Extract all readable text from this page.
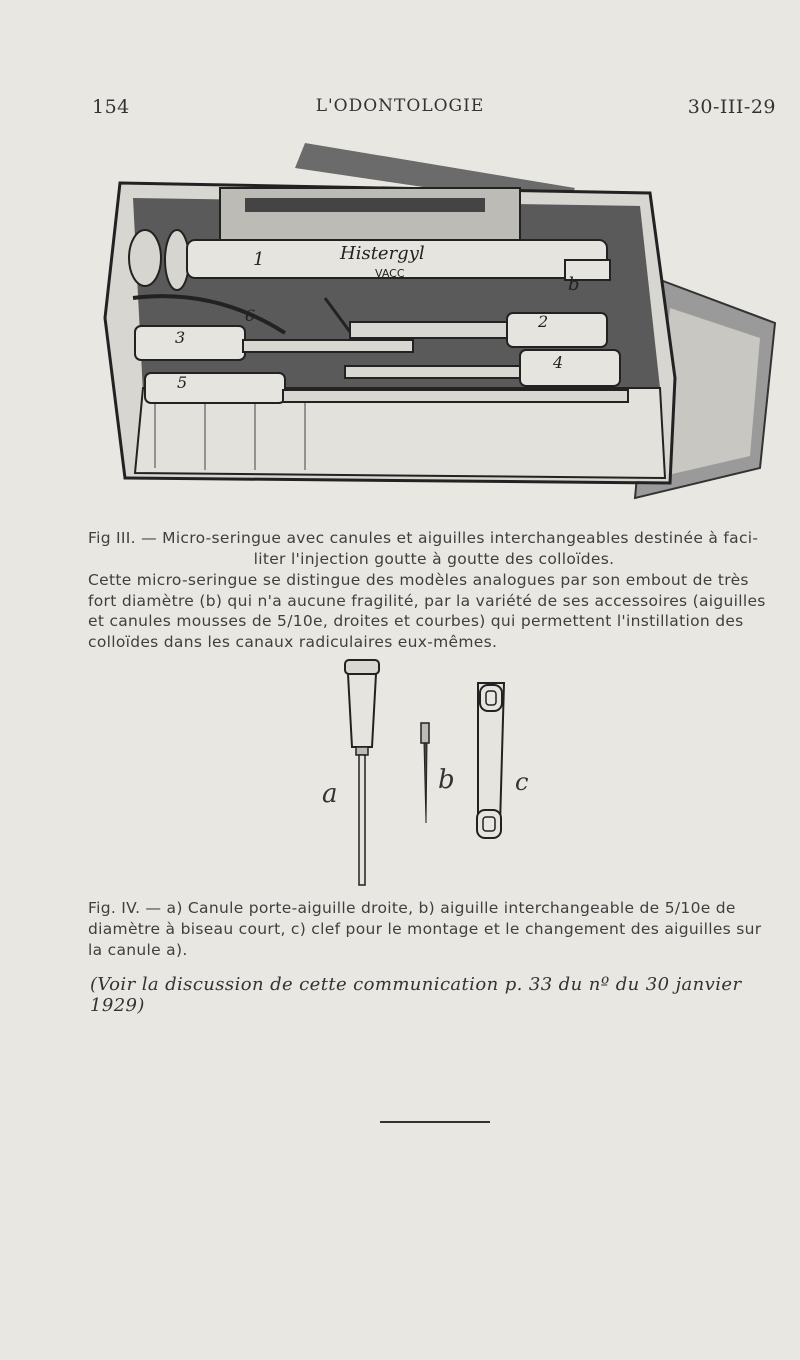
154	L'ODONTOLOGIE	30-III-29
Histergyl
VACC
1
b
6	2
3
4
5
Fig III. — Micro-seringue avec canules et aiguilles interchangeables destinée à faci-
liter l'injection goutte à goutte des colloïdes.
Cette micro-seringue se distingue des modèles analogues par son embout de très fort diamètre (b) qui n'a aucune fragilité, par la variété de ses accessoires (aiguilles et canules mousses de 5/10e, droites et courbes) qui permettent l'instillation des colloïdes dans les canaux radiculaires eux-mêmes.
a	b	c
Fig. IV. — a) Canule porte-aiguille droite, b) aiguille interchangeable de 5/10e de diamètre à biseau court, c) clef pour le montage et le changement des aiguilles sur la canule a).
(Voir la discussion de cette communication p. 33 du nº du 30 janvier 1929)
